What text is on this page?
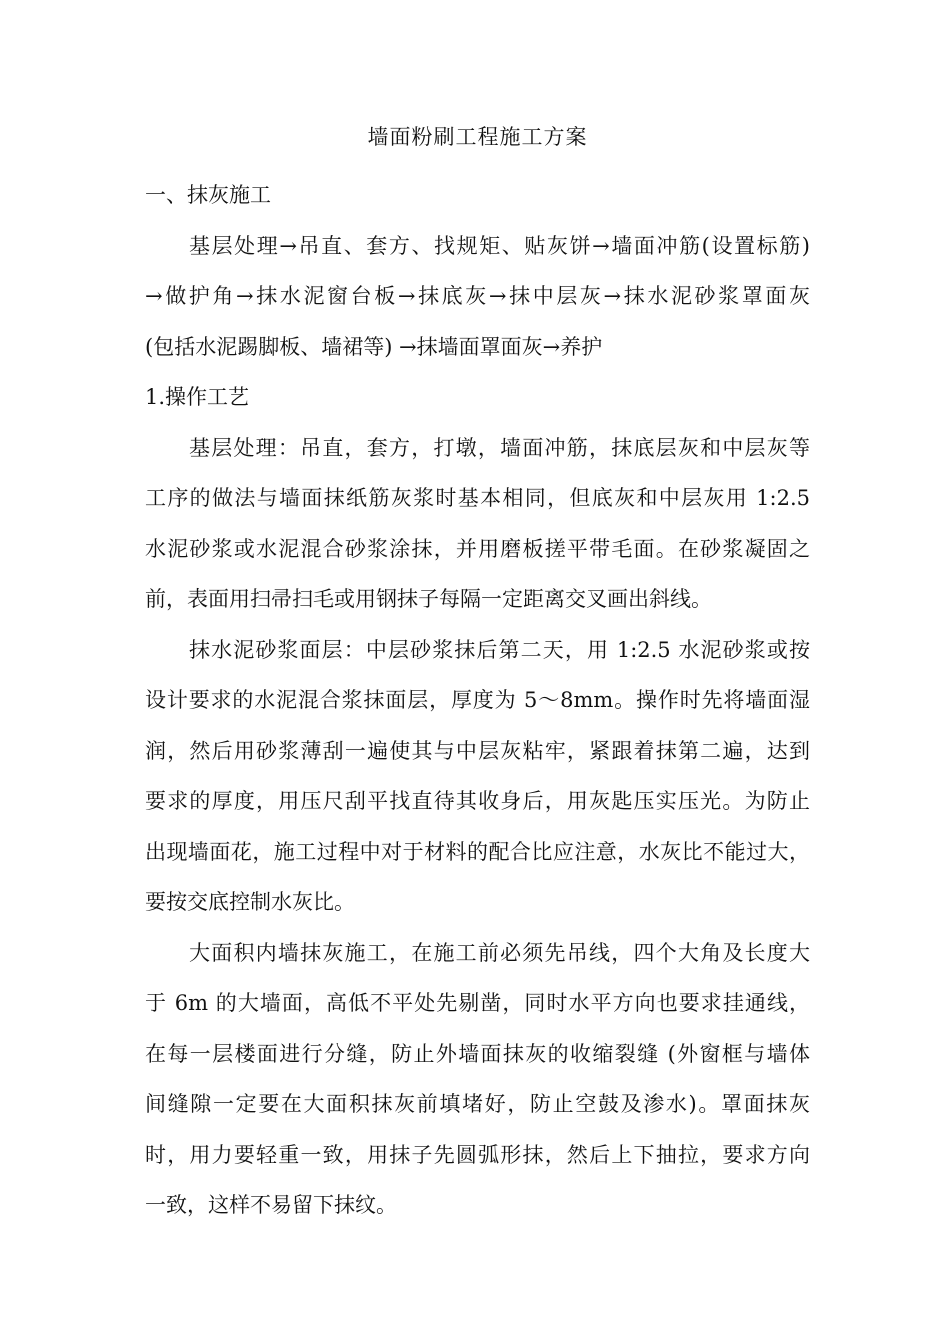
墙面粉刷工程施工方案
一、抹灰施工
基层处理→吊直、套方、找规矩、贴灰饼→墙面冲筋(设置标筋)
→做护角→抹水泥窗台板→抹底灰→抹中层灰→抹水泥砂浆罩面灰
(包括水泥踢脚板、墙裙等) →抹墙面罩面灰→养护
1.操作工艺
基层处理：吊直，套方，打墩，墙面冲筋，抹底层灰和中层灰等
工序的做法与墙面抹纸筋灰浆时基本相同，但底灰和中层灰用 1:2.5
水泥砂浆或水泥混合砂浆涂抹，并用磨板搓平带毛面。在砂浆凝固之
前，表面用扫帚扫毛或用钢抹子每隔一定距离交叉画出斜线。
抹水泥砂浆面层：中层砂浆抹后第二天，用 1:2.5 水泥砂浆或按
设计要求的水泥混合浆抹面层，厚度为 5～8mm。操作时先将墙面湿
润，然后用砂浆薄刮一遍使其与中层灰粘牢，紧跟着抹第二遍，达到
要求的厚度，用压尺刮平找直待其收身后，用灰匙压实压光。为防止
出现墙面花，施工过程中对于材料的配合比应注意，水灰比不能过大，
要按交底控制水灰比。
大面积内墙抹灰施工，在施工前必须先吊线，四个大角及长度大
于 6m 的大墙面，高低不平处先剔凿，同时水平方向也要求挂通线，
在每一层楼面进行分缝，防止外墙面抹灰的收缩裂缝 (外窗框与墙体
间缝隙一定要在大面积抹灰前填堵好，防止空鼓及渗水)。罩面抹灰
时，用力要轻重一致，用抹子先圆弧形抹，然后上下抽拉，要求方向
一致，这样不易留下抹纹。
